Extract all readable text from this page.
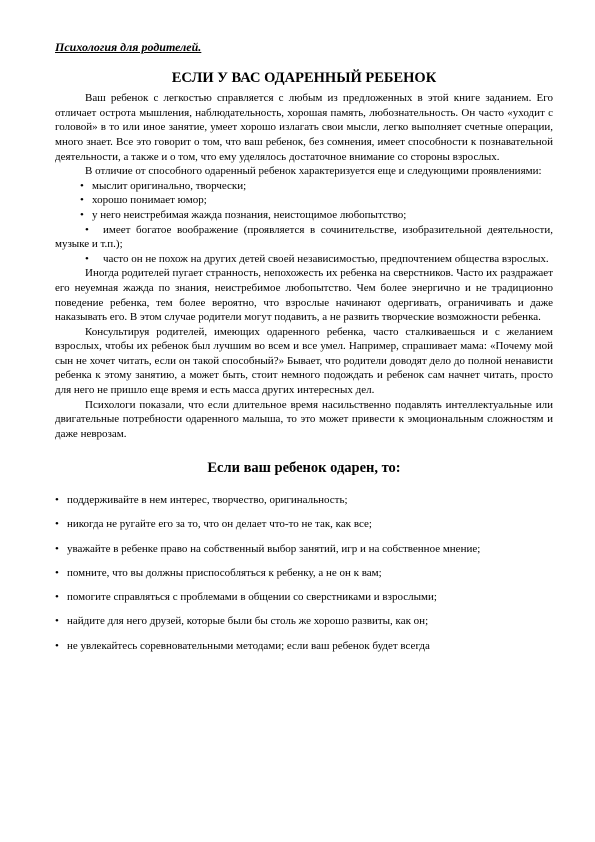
Психология для родителей.
ЕСЛИ У ВАС ОДАРЕННЫЙ РЕБЕНОК

Ваш ребенок с легкостью справляется с любым из предложенных в этой книге заданием. Его отличает острота мышления, наблюдательность, хорошая память, любознательность. Он часто «уходит с головой» в то или иное занятие, умеет хорошо излагать свои мысли, легко выполняет счетные операции, много знает. Все это говорит о том, что ваш ребенок, без сомнения, имеет способности к познавательной деятельности, а также и о том, что ему уделялось достаточное внимание со стороны взрослых.

В отличие от способного одаренный ребенок характеризуется еще и следующими проявлениями:

• мыслит оригинально, творчески;
• хорошо понимает юмор;
• у него неистребимая жажда познания, неистощимое любопытство;
• имеет богатое воображение (проявляется в сочинительстве, изобразительной деятельности, музыке и т.п.);
• часто он не похож на других детей своей независимостью, предпочтением общества взрослых.

Иногда родителей пугает странность, непохожесть их ребенка на сверстников. Часто их раздражает его неуемная жажда по знания, неистребимое любопытство. Чем более энергично и не традиционно поведение ребенка, тем более вероятно, что взрослые начинают одергивать, ограничивать и даже наказывать его. В этом случае родители могут подавить, а не развить творческие возможности ребенка.

Консультируя родителей, имеющих одаренного ребенка, часто сталкиваешься и с желанием взрослых, чтобы их ребенок был лучшим во всем и все умел. Например, спрашивает мама: «Почему мой сын не хочет читать, если он такой способный?» Бывает, что родители доводят дело до полной ненависти ребенка к этому занятию, а может быть, стоит немного подождать и ребенок сам начнет читать, просто для него не пришло еще время и есть масса других интересных дел.

Психологи показали, что если длительное время насильственно подавлять интеллектуальные или двигательные потребности одаренного малыша, то это может привести к эмоциональным сложностям и даже неврозам.

Если ваш ребенок одарен, то:
• поддерживайте в нем интерес, творчество, оригинальность;
• никогда не ругайте его за то, что он делает что-то не так, как все;
• уважайте в ребенке право на собственный выбор занятий, игр и на собственное мнение;
• помните, что вы должны приспособляться к ребенку, а не он к вам;
• помогите справляться с проблемами в общении со сверстниками и взрослыми;
• найдите для него друзей, которые были бы столь же хорошо развиты, как он;
• не увлекайтесь соревновательными методами; если ваш ребенок будет всегда
